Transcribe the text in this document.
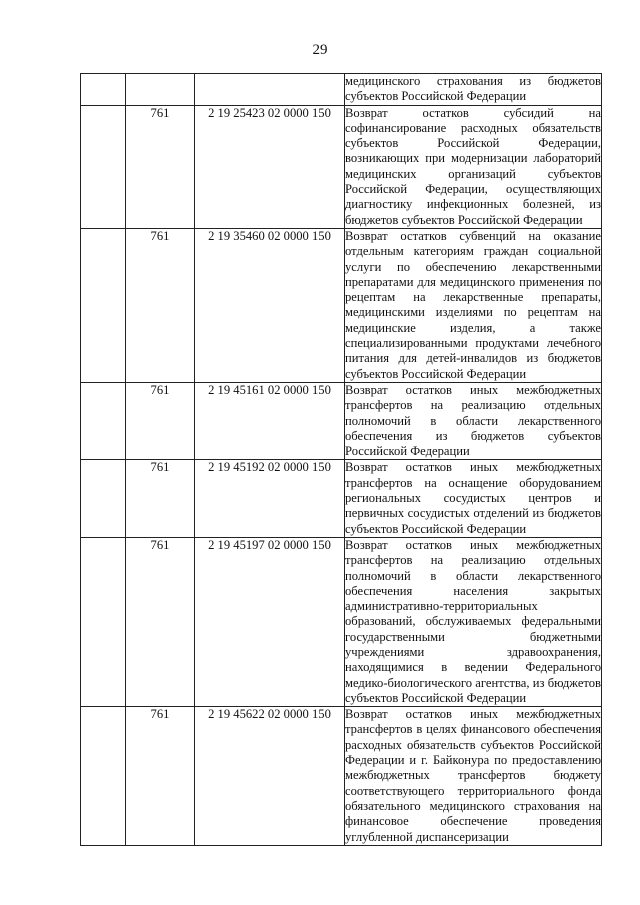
29
			медицинского страхования из бюджетов субъектов Российской Федерации
	761	2 19 25423 02 0000 150	Возврат остатков субсидий на софинансирование расходных обязательств субъектов Российской Федерации, возникающих при модернизации лабораторий медицинских организаций субъектов Российской Федерации, осуществляющих диагностику инфекционных болезней, из бюджетов субъектов Российской Федерации
	761	2 19 35460 02 0000 150	Возврат остатков субвенций на оказание отдельным категориям граждан социальной услуги по обеспечению лекарственными препаратами для медицинского применения по рецептам на лекарственные препараты, медицинскими изделиями по рецептам на медицинские изделия, а также специализированными продуктами лечебного питания для детей-инвалидов из бюджетов субъектов Российской Федерации
	761	2 19 45161 02 0000 150	Возврат остатков иных межбюджетных трансфертов на реализацию отдельных полномочий в области лекарственного обеспечения из бюджетов субъектов Российской Федерации
	761	2 19 45192 02 0000 150	Возврат остатков иных межбюджетных трансфертов на оснащение оборудованием региональных сосудистых центров и первичных сосудистых отделений из бюджетов субъектов Российской Федерации
	761	2 19 45197 02 0000 150	Возврат остатков иных межбюджетных трансфертов на реализацию отдельных полномочий в области лекарственного обеспечения населения закрытых административно-территориальных образований, обслуживаемых федеральными государственными бюджетными учреждениями здравоохранения, находящимися в ведении Федерального медико-биологического агентства, из бюджетов субъектов Российской Федерации
	761	2 19 45622 02 0000 150	Возврат остатков иных межбюджетных трансфертов в целях финансового обеспечения расходных обязательств субъектов Российской Федерации и г. Байконура по предоставлению межбюджетных трансфертов бюджету соответствующего территориального фонда обязательного медицинского страхования на финансовое обеспечение проведения углубленной диспансеризации
